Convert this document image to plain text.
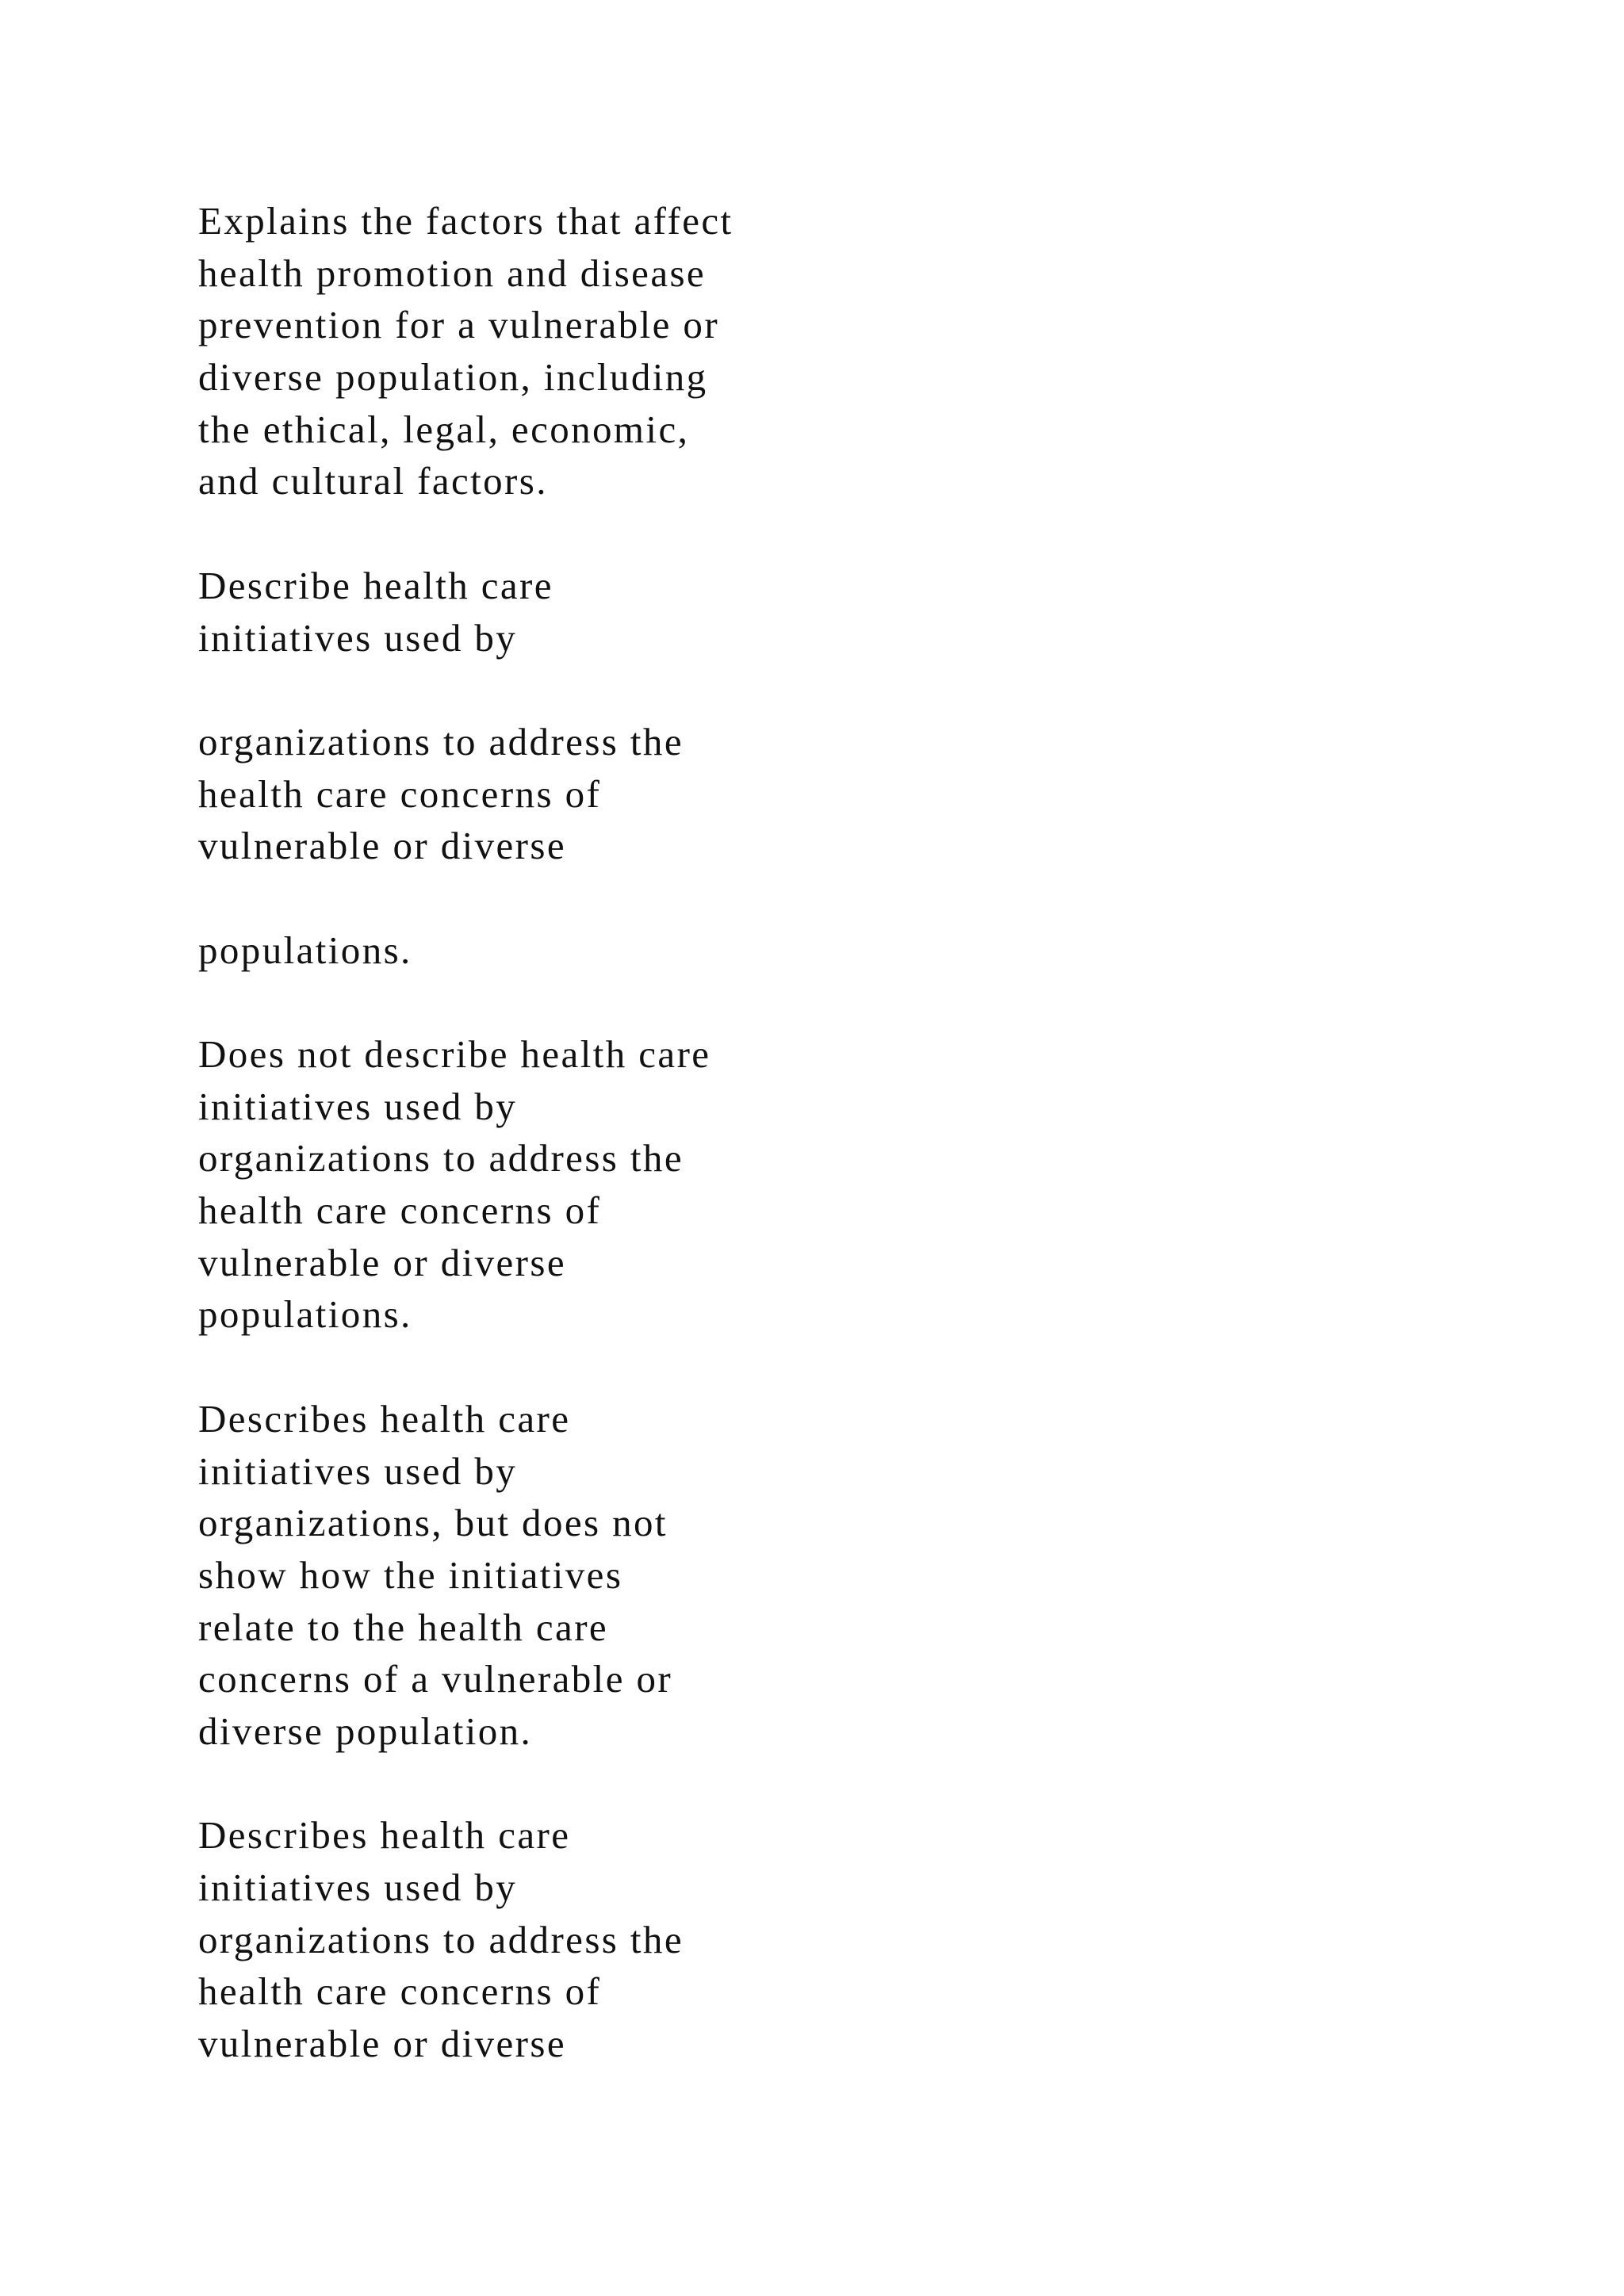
Explains the factors that affect
health promotion and disease
prevention for a vulnerable or
diverse population, including
the ethical, legal, economic,
and cultural factors.
Describe health care
initiatives used by
organizations to address the
health care concerns of
vulnerable or diverse
populations.
Does not describe health care
initiatives used by
organizations to address the
health care concerns of
vulnerable or diverse
populations.
Describes health care
initiatives used by
organizations, but does not
show how the initiatives
relate to the health care
concerns of a vulnerable or
diverse population.
Describes health care
initiatives used by
organizations to address the
health care concerns of
vulnerable or diverse
